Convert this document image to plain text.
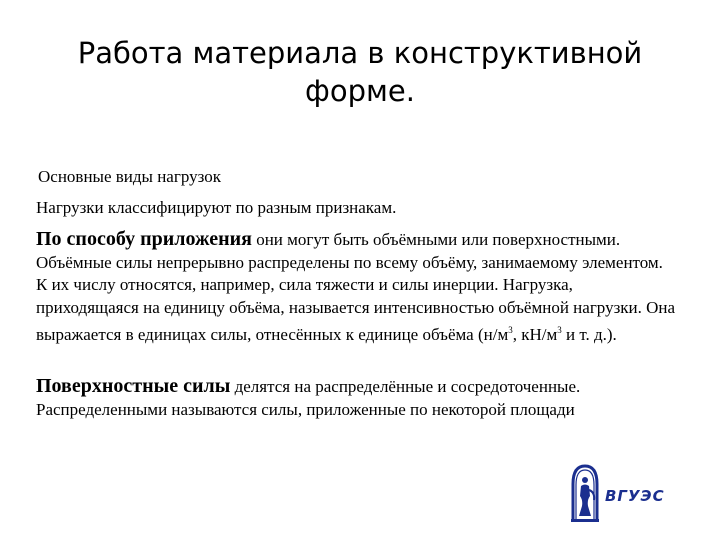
Работа материала в конструктивной
форме.
Основные виды нагрузок
Нагрузки классифицируют по разным признакам.
По способу приложения они могут быть объёмными или поверхностными. Объёмные силы непрерывно распределены по всему объёму, занимаемому элементом. К их числу относятся, например, сила тяжести и силы инерции. Нагрузка, приходящаяся на единицу объёма, называется интенсивностью объёмной нагрузки. Она выражается в единицах силы, отнесённых к единице объёма ($н/м^3$, $кН/м^3$ и т. д.).
Поверхностные силы делятся на распределённые и сосредоточенные. Распределенными называются силы, приложенные по некоторой площади
ВГУЭС
